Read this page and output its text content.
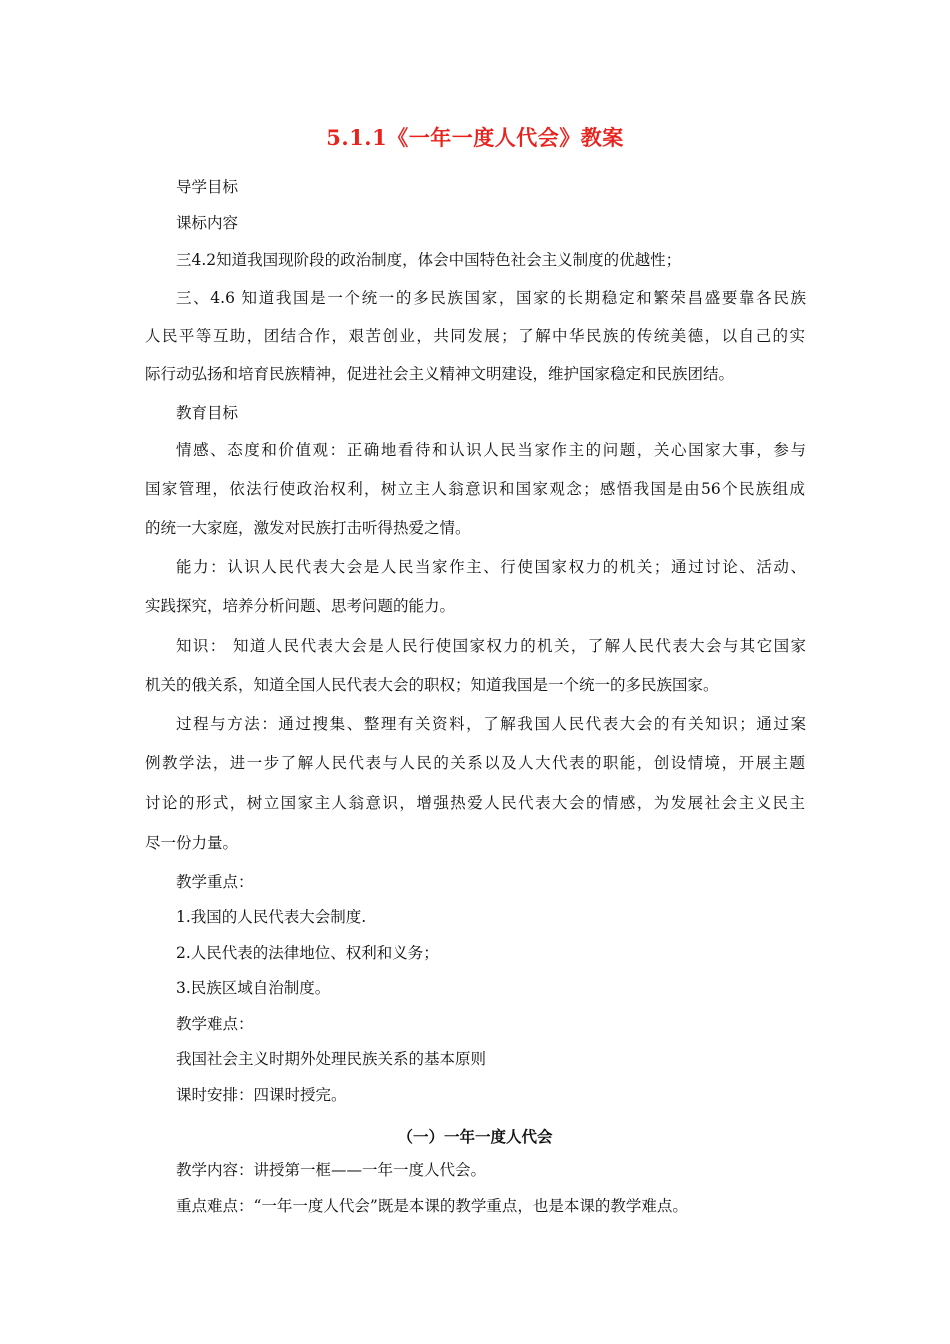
5.1.1《一年一度人代会》教案
导学目标
课标内容
三4.2知道我国现阶段的政治制度，体会中国特色社会主义制度的优越性；
三、4.6 知道我国是一个统一的多民族国家，国家的长期稳定和繁荣昌盛要靠各民族
人民平等互助，团结合作，艰苦创业，共同发展；了解中华民族的传统美德，以自己的实
际行动弘扬和培育民族精神，促进社会主义精神文明建设，维护国家稳定和民族团结。
教育目标
情感、态度和价值观：正确地看待和认识人民当家作主的问题，关心国家大事，参与
国家管理，依法行使政治权利，树立主人翁意识和国家观念；感悟我国是由56个民族组成
的统一大家庭，激发对民族打击听得热爱之情。
能力：认识人民代表大会是人民当家作主、行使国家权力的机关；通过讨论、活动、
实践探究，培养分析问题、思考问题的能力。
知识： 知道人民代表大会是人民行使国家权力的机关，了解人民代表大会与其它国家
机关的俄关系，知道全国人民代表大会的职权；知道我国是一个统一的多民族国家。
过程与方法：通过搜集、整理有关资料，了解我国人民代表大会的有关知识；通过案
例教学法，进一步了解人民代表与人民的关系以及人大代表的职能，创设情境，开展主题
讨论的形式，树立国家主人翁意识，增强热爱人民代表大会的情感，为发展社会主义民主
尽一份力量。
教学重点：
1.我国的人民代表大会制度.
2.人民代表的法律地位、权利和义务；
3.民族区域自治制度。
教学难点：
我国社会主义时期外处理民族关系的基本原则
课时安排：四课时授完。
（一）一年一度人代会
教学内容：讲授第一框——一年一度人代会。
重点难点：“一年一度人代会”既是本课的教学重点，也是本课的教学难点。
